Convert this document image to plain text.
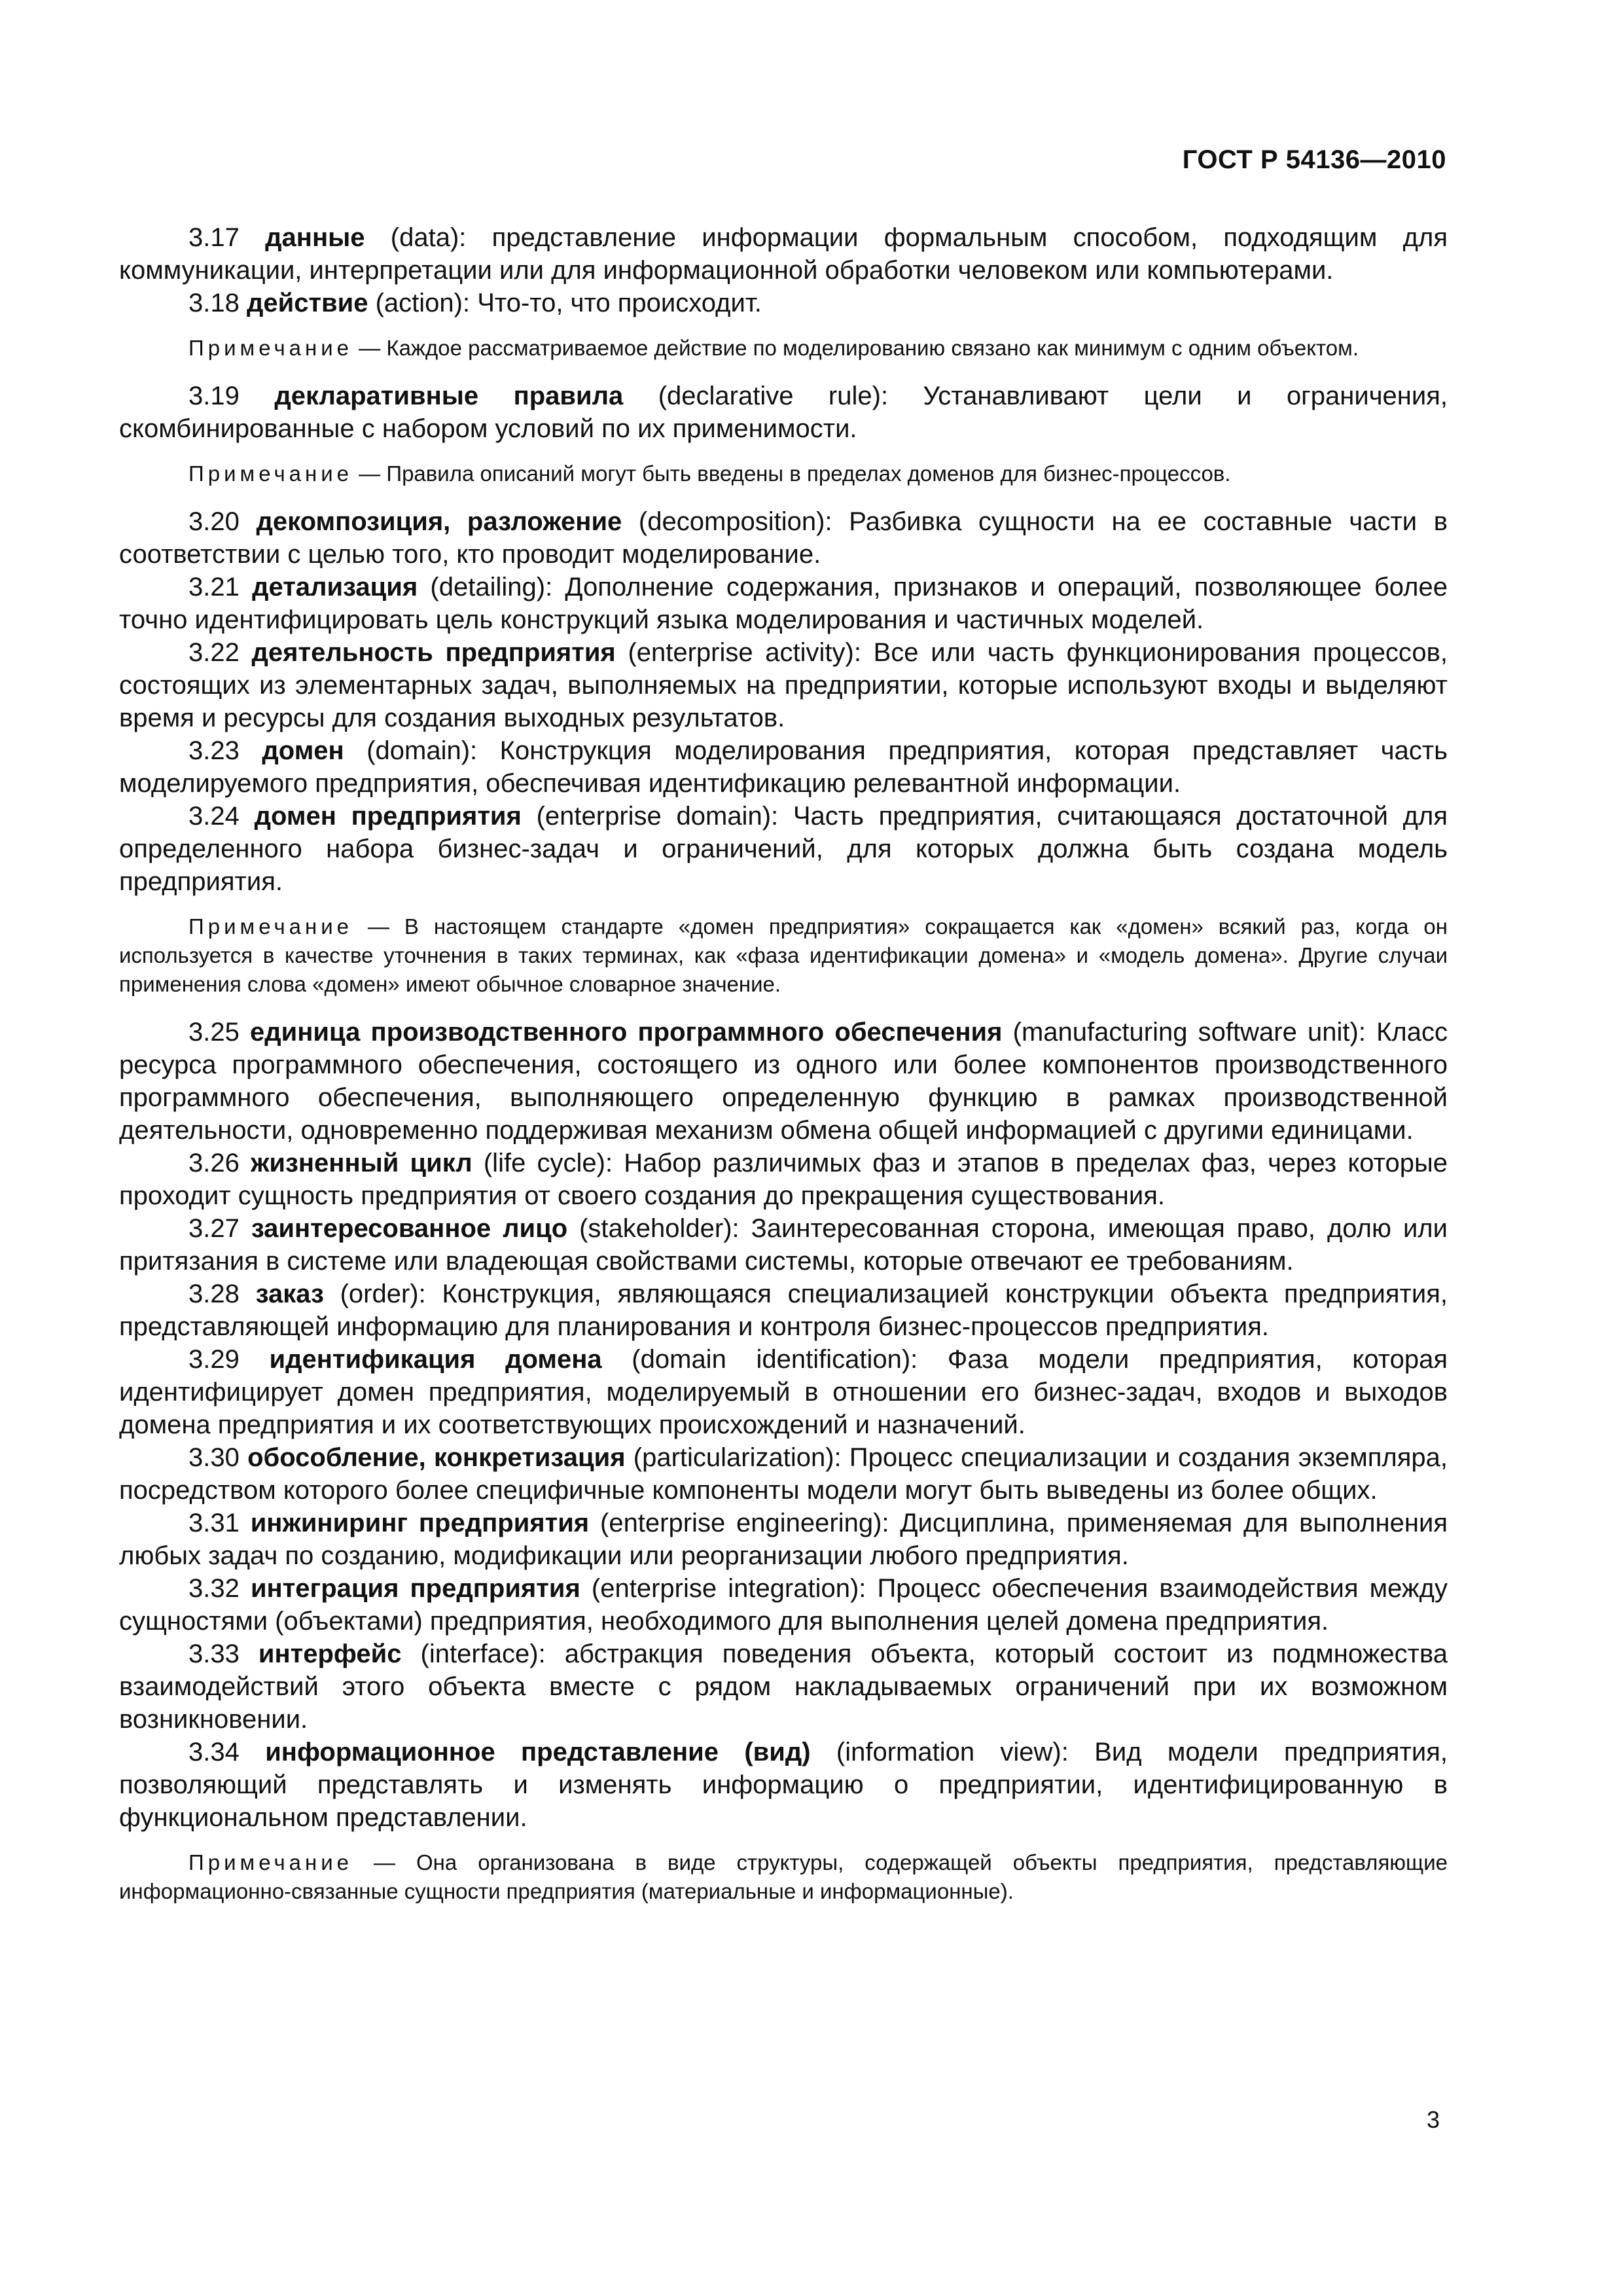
ГОСТ Р 54136—2010

3.17 данные (data): представление информации формальным способом, подходящим для коммуникации, интерпретации или для информационной обработки человеком или компьютерами.

3.18 действие (action): Что-то, что происходит.

Примечание — Каждое рассматриваемое действие по моделированию связано как минимум с одним объектом.

3.19 декларативные правила (declarative rule): Устанавливают цели и ограничения, скомбинированные с набором условий по их применимости.

Примечание — Правила описаний могут быть введены в пределах доменов для бизнес-процессов.

3.20 декомпозиция, разложение (decomposition): Разбивка сущности на ее составные части в соответствии с целью того, кто проводит моделирование.

3.21 детализация (detailing): Дополнение содержания, признаков и операций, позволяющее более точно идентифицировать цель конструкций языка моделирования и частичных моделей.

3.22 деятельность предприятия (enterprise activity): Все или часть функционирования процессов, состоящих из элементарных задач, выполняемых на предприятии, которые используют входы и выделяют время и ресурсы для создания выходных результатов.

3.23 домен (domain): Конструкция моделирования предприятия, которая представляет часть моделируемого предприятия, обеспечивая идентификацию релевантной информации.

3.24 домен предприятия (enterprise domain): Часть предприятия, считающаяся достаточной для определенного набора бизнес-задач и ограничений, для которых должна быть создана модель предприятия.

Примечание — В настоящем стандарте «домен предприятия» сокращается как «домен» всякий раз, когда он используется в качестве уточнения в таких терминах, как «фаза идентификации домена» и «модель домена». Другие случаи применения слова «домен» имеют обычное словарное значение.

3.25 единица производственного программного обеспечения (manufacturing software unit): Класс ресурса программного обеспечения, состоящего из одного или более компонентов производственного программного обеспечения, выполняющего определенную функцию в рамках производственной деятельности, одновременно поддерживая механизм обмена общей информацией с другими единицами.

3.26 жизненный цикл (life cycle): Набор различимых фаз и этапов в пределах фаз, через которые проходит сущность предприятия от своего создания до прекращения существования.

3.27 заинтересованное лицо (stakeholder): Заинтересованная сторона, имеющая право, долю или притязания в системе или владеющая свойствами системы, которые отвечают ее требованиям.

3.28 заказ (order): Конструкция, являющаяся специализацией конструкции объекта предприятия, представляющей информацию для планирования и контроля бизнес-процессов предприятия.

3.29 идентификация домена (domain identification): Фаза модели предприятия, которая идентифицирует домен предприятия, моделируемый в отношении его бизнес-задач, входов и выходов домена предприятия и их соответствующих происхождений и назначений.

3.30 обособление, конкретизация (particularization): Процесс специализации и создания экземпляра, посредством которого более специфичные компоненты модели могут быть выведены из более общих.

3.31 инжиниринг предприятия (enterprise engineering): Дисциплина, применяемая для выполнения любых задач по созданию, модификации или реорганизации любого предприятия.

3.32 интеграция предприятия (enterprise integration): Процесс обеспечения взаимодействия между сущностями (объектами) предприятия, необходимого для выполнения целей домена предприятия.

3.33 интерфейс (interface): абстракция поведения объекта, который состоит из подмножества взаимодействий этого объекта вместе с рядом накладываемых ограничений при их возможном возникновении.

3.34 информационное представление (вид) (information view): Вид модели предприятия, позволяющий представлять и изменять информацию о предприятии, идентифицированную в функциональном представлении.

Примечание — Она организована в виде структуры, содержащей объекты предприятия, представляющие информационно-связанные сущности предприятия (материальные и информационные).

3
